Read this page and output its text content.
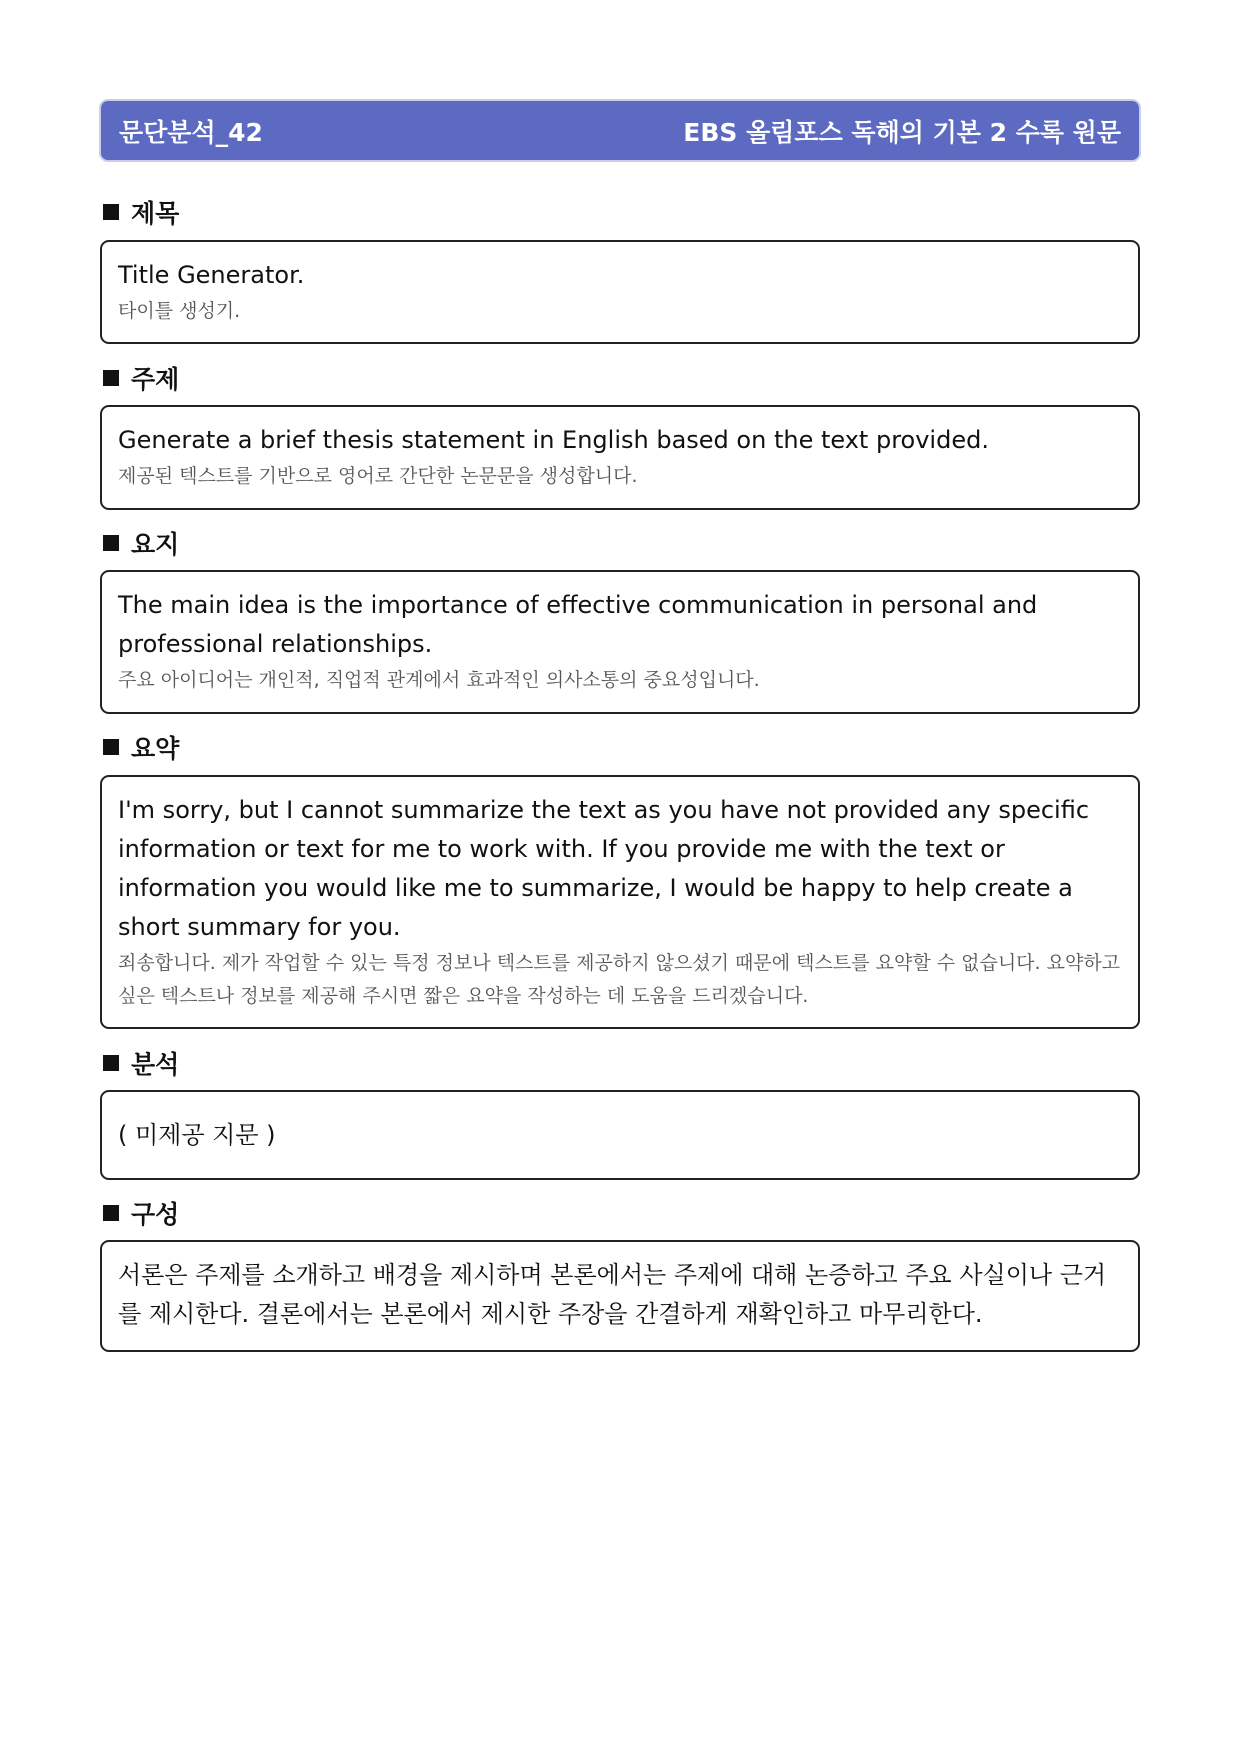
문단분석_42	EBS 올림포스 독해의 기본 2 수록 원문
제목

Title Generator.

타이틀 생성기.

주제

Generate a brief thesis statement in English based on the text provided.

제공된 텍스트를 기반으로 영어로 간단한 논문문을 생성합니다.

요지

The main idea is the importance of effective communication in personal and professional relationships.

주요 아이디어는 개인적, 직업적 관계에서 효과적인 의사소통의 중요성입니다.

요약

I'm sorry, but I cannot summarize the text as you have not provided any specific information or text for me to work with. If you provide me with the text or information you would like me to summarize, I would be happy to help create a short summary for you.

죄송합니다. 제가 작업할 수 있는 특정 정보나 텍스트를 제공하지 않으셨기 때문에 텍스트를 요약할 수 없습니다. 요약하고 싶은 텍스트나 정보를 제공해 주시면 짧은 요약을 작성하는 데 도움을 드리겠습니다.

분석

( 미제공 지문 )

구성

서론은 주제를 소개하고 배경을 제시하며 본론에서는 주제에 대해 논증하고 주요 사실이나 근거를 제시한다. 결론에서는 본론에서 제시한 주장을 간결하게 재확인하고 마무리한다.
